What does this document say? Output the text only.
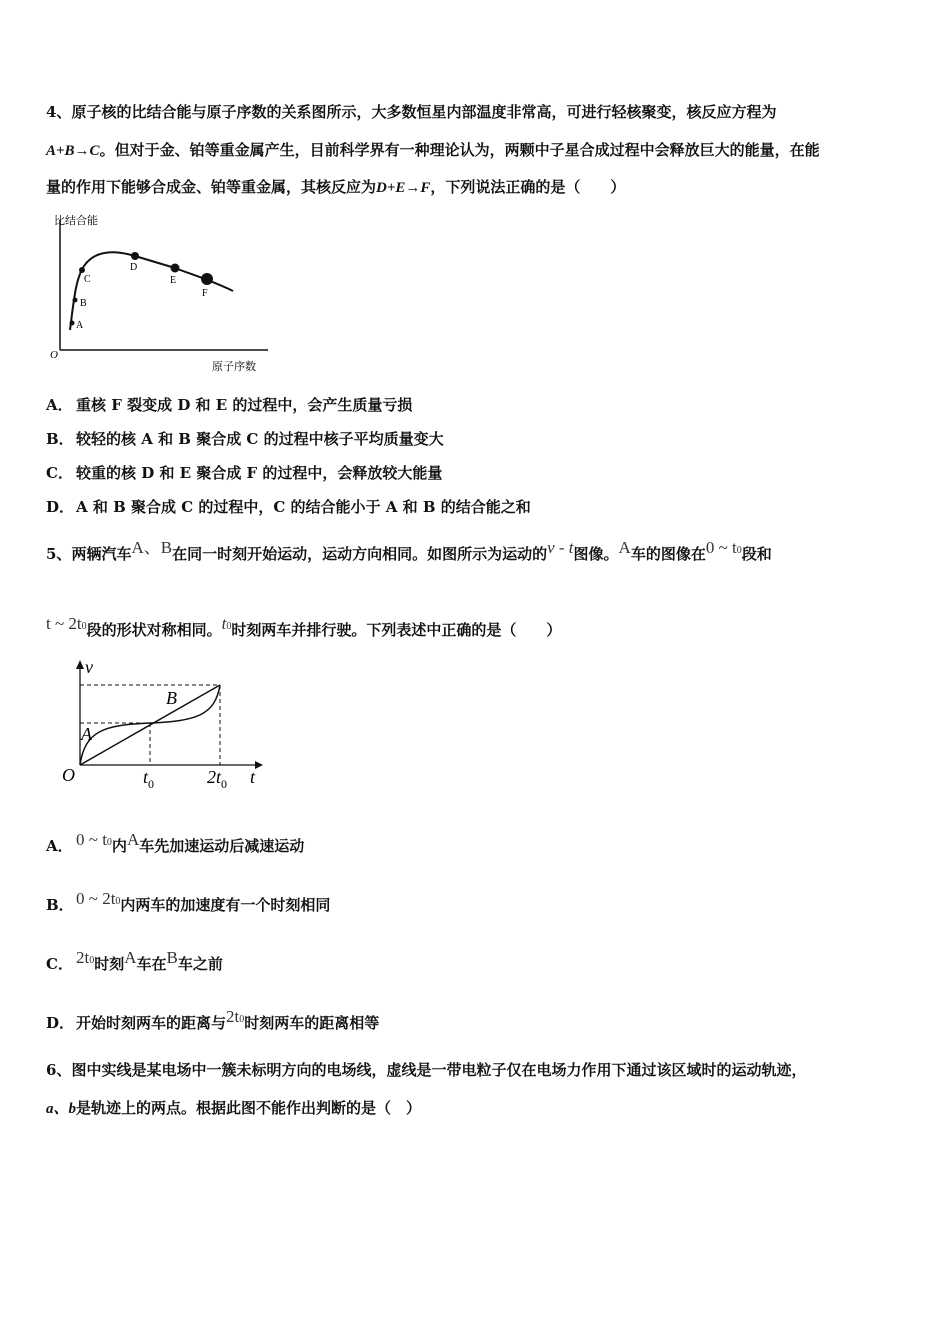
4、原子核的比结合能与原子序数的关系图所示，大多数恒星内部温度非常高，可进行轻核聚变，核反应方程为
A+B→C。但对于金、铂等重金属产生，目前科学界有一种理论认为，两颗中子星合成过程中会释放巨大的能量，在能
量的作用下能够合成金、铂等重金属，其核反应为D+E→F，下列说法正确的是（　　）
A
B
C
D
E
F
O
比结合能
原子序数
A． 重核 F 裂变成 D 和 E 的过程中，会产生质量亏损
B． 较轻的核 A 和 B 聚合成 C 的过程中核子平均质量变大
C． 较重的核 D 和 E 聚合成 F 的过程中，会释放较大能量
D． A 和 B 聚合成 C 的过程中，C 的结合能小于 A 和 B 的结合能之和
5、两辆汽车A、B在同一时刻开始运动，运动方向相同。如图所示为运动的v - t图像。A车的图像在0 ~ t0段和
t ~ 2t0段的形状对称相同。t0时刻两车并排行驶。下列表述中正确的是（　　）
A
B
v
t
O	$t_0$	$2t_0$
A． 0 ~ t0内A车先加速运动后减速运动
B． 0 ~ 2t0内两车的加速度有一个时刻相同
C． 2t0时刻A车在B车之前
D． 开始时刻两车的距离与2t0时刻两车的距离相等
6、图中实线是某电场中一簇未标明方向的电场线，虚线是一带电粒子仅在电场力作用下通过该区域时的运动轨迹，
a、b是轨迹上的两点。根据此图不能作出判断的是（　）
